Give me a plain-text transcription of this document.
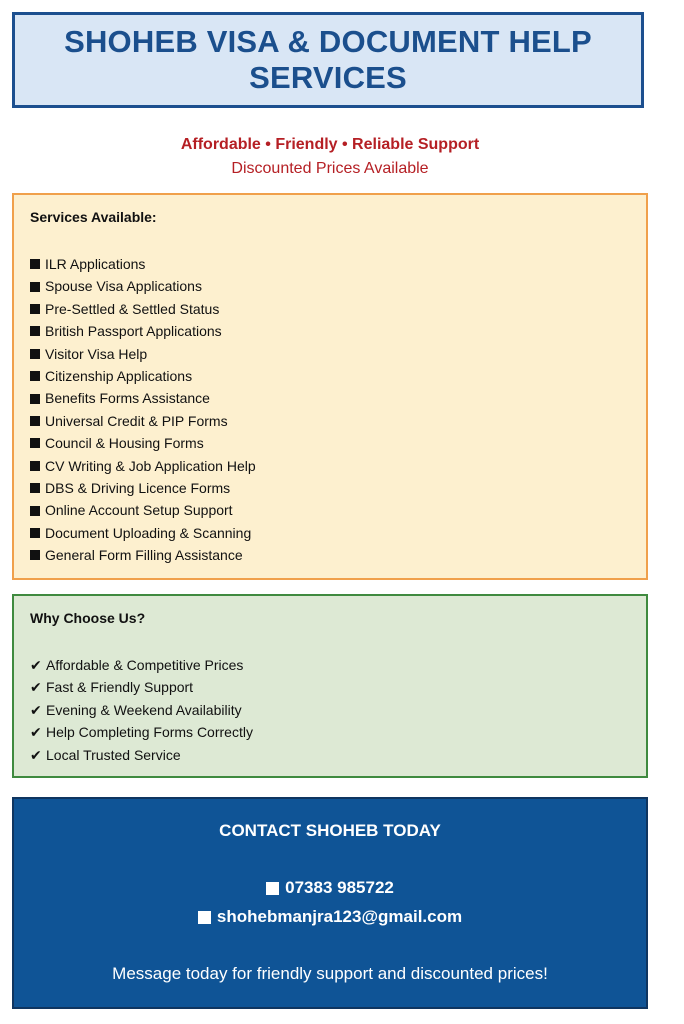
SHOHEB VISA & DOCUMENT HELP SERVICES
Affordable • Friendly • Reliable Support
Discounted Prices Available
Services Available:
ILR Applications
Spouse Visa Applications
Pre-Settled & Settled Status
British Passport Applications
Visitor Visa Help
Citizenship Applications
Benefits Forms Assistance
Universal Credit & PIP Forms
Council & Housing Forms
CV Writing & Job Application Help
DBS & Driving Licence Forms
Online Account Setup Support
Document Uploading & Scanning
General Form Filling Assistance
Why Choose Us?
✔ Affordable & Competitive Prices
✔ Fast & Friendly Support
✔ Evening & Weekend Availability
✔ Help Completing Forms Correctly
✔ Local Trusted Service
CONTACT SHOHEB TODAY
07383 985722
shohebmanjra123@gmail.com
Message today for friendly support and discounted prices!
